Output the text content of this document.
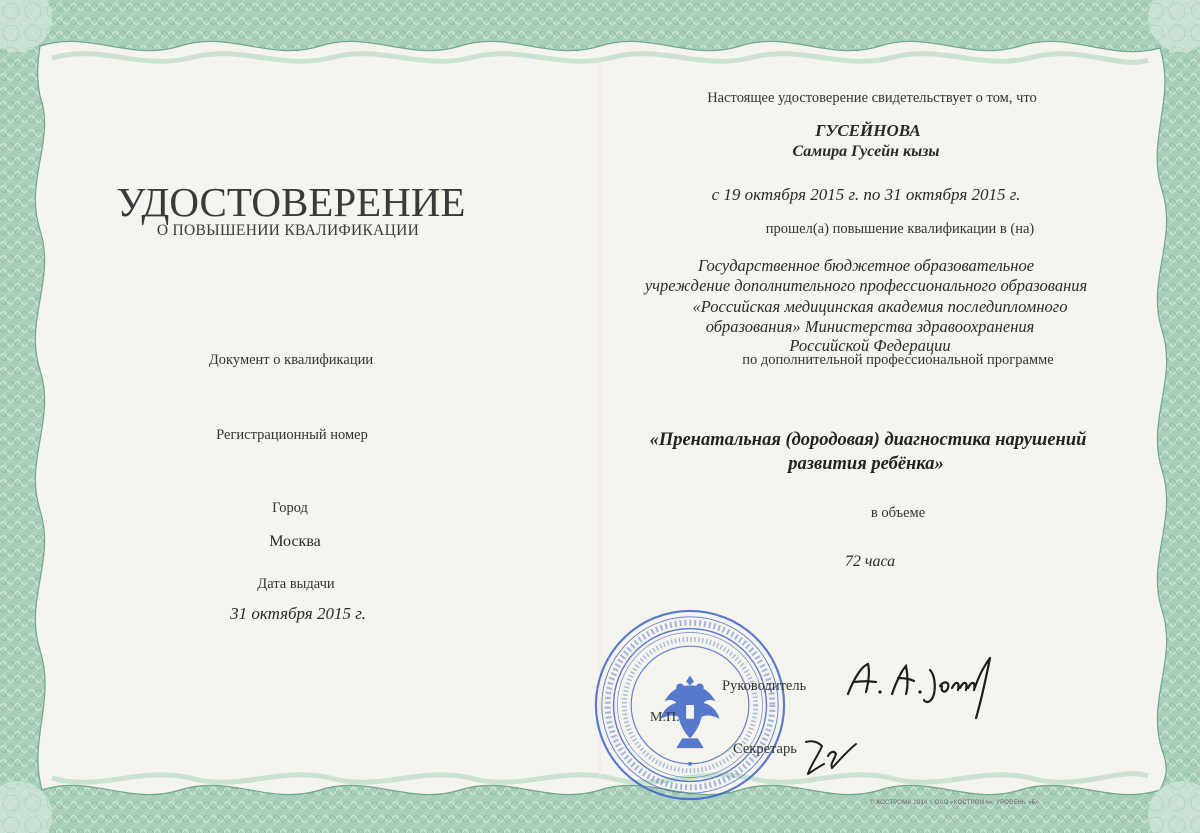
УДОСТОВЕРЕНИЕ
О ПОВЫШЕНИИ КВАЛИФИКАЦИИ
Документ о квалификации
Регистрационный номер
Город
Москва
Дата выдачи
31 октября 2015 г.
Настоящее удостоверение свидетельствует о том, что
ГУСЕЙНОВА
Самира Гусейн кызы
с 19 октября 2015 г. по 31 октября 2015 г.
прошел(а) повышение квалификации в (на)
Государственное бюджетное образовательное
учреждение дополнительного профессионального образования
«Российская медицинская академия последипломного
образования» Министерства здравоохранения
Российской Федерации
по дополнительной профессиональной программе
«Пренатальная (дородовая) диагностика нарушений
развития ребёнка»
в объеме
72 часа
М.П.
Руководитель
Секретарь
© КОСТРОМА 2014 г. ОАО «КОСТРОМА». УРОВЕНЬ «Б»
